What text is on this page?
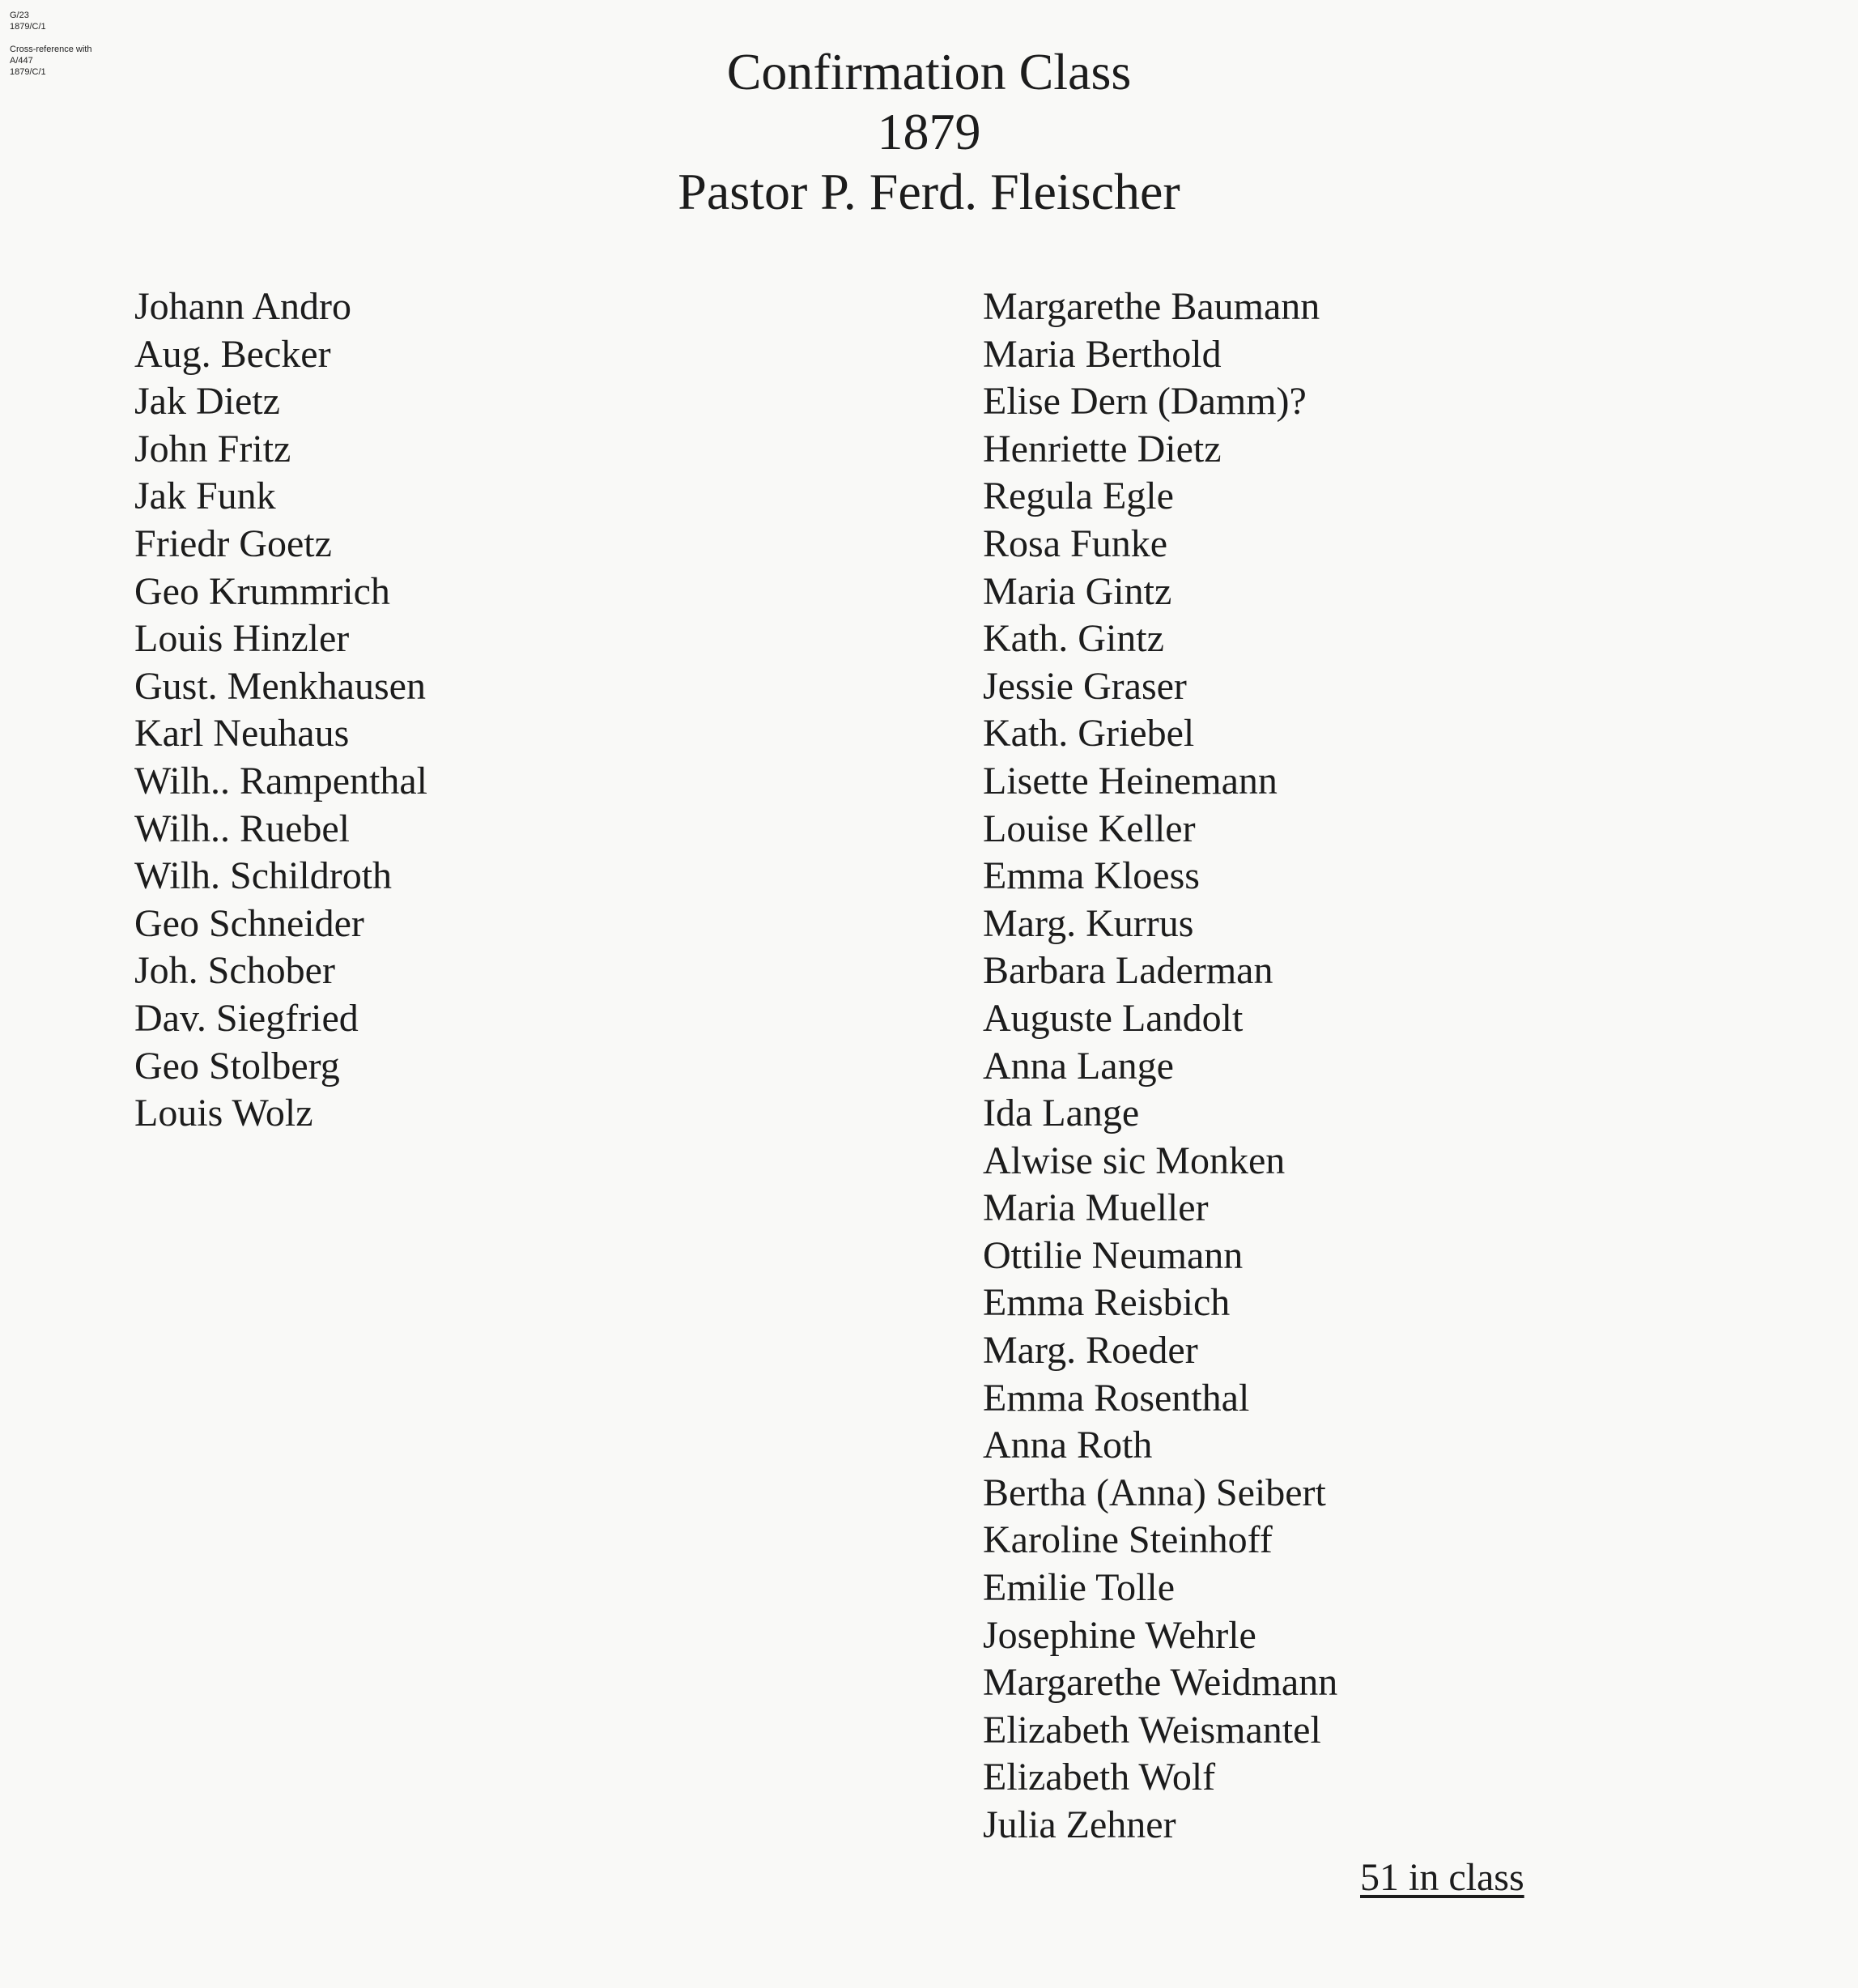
G/23
1879/C/1
Cross-reference with
A/447
1879/C/1	Confirmation Class
1879
Pastor P. Ferd. Fleischer
Johann Andro
Aug. Becker
Jak Dietz
John Fritz
Jak Funk
Friedr Goetz
Geo Krummrich
Louis Hinzler
Gust. Menkhausen
Karl Neuhaus
Wilh.. Rampenthal
Wilh.. Ruebel
Wilh. Schildroth
Geo Schneider
Joh. Schober
Dav. Siegfried
Geo Stolberg
Louis Wolz
Margarethe Baumann
Maria Berthold
Elise Dern (Damm)?
Henriette Dietz
Regula Egle
Rosa Funke
Maria Gintz
Kath. Gintz
Jessie Graser
Kath. Griebel
Lisette Heinemann
Louise Keller
Emma Kloess
Marg. Kurrus
Barbara Laderman
Auguste Landolt
Anna Lange
Ida Lange
Alwise sic Monken
Maria Mueller
Ottilie Neumann
Emma Reisbich
Marg. Roeder
Emma Rosenthal
Anna Roth
Bertha (Anna) Seibert
Karoline Steinhoff
Emilie Tolle
Josephine Wehrle
Margarethe Weidmann
Elizabeth Weismantel
Elizabeth Wolf
Julia Zehner
51 in class
